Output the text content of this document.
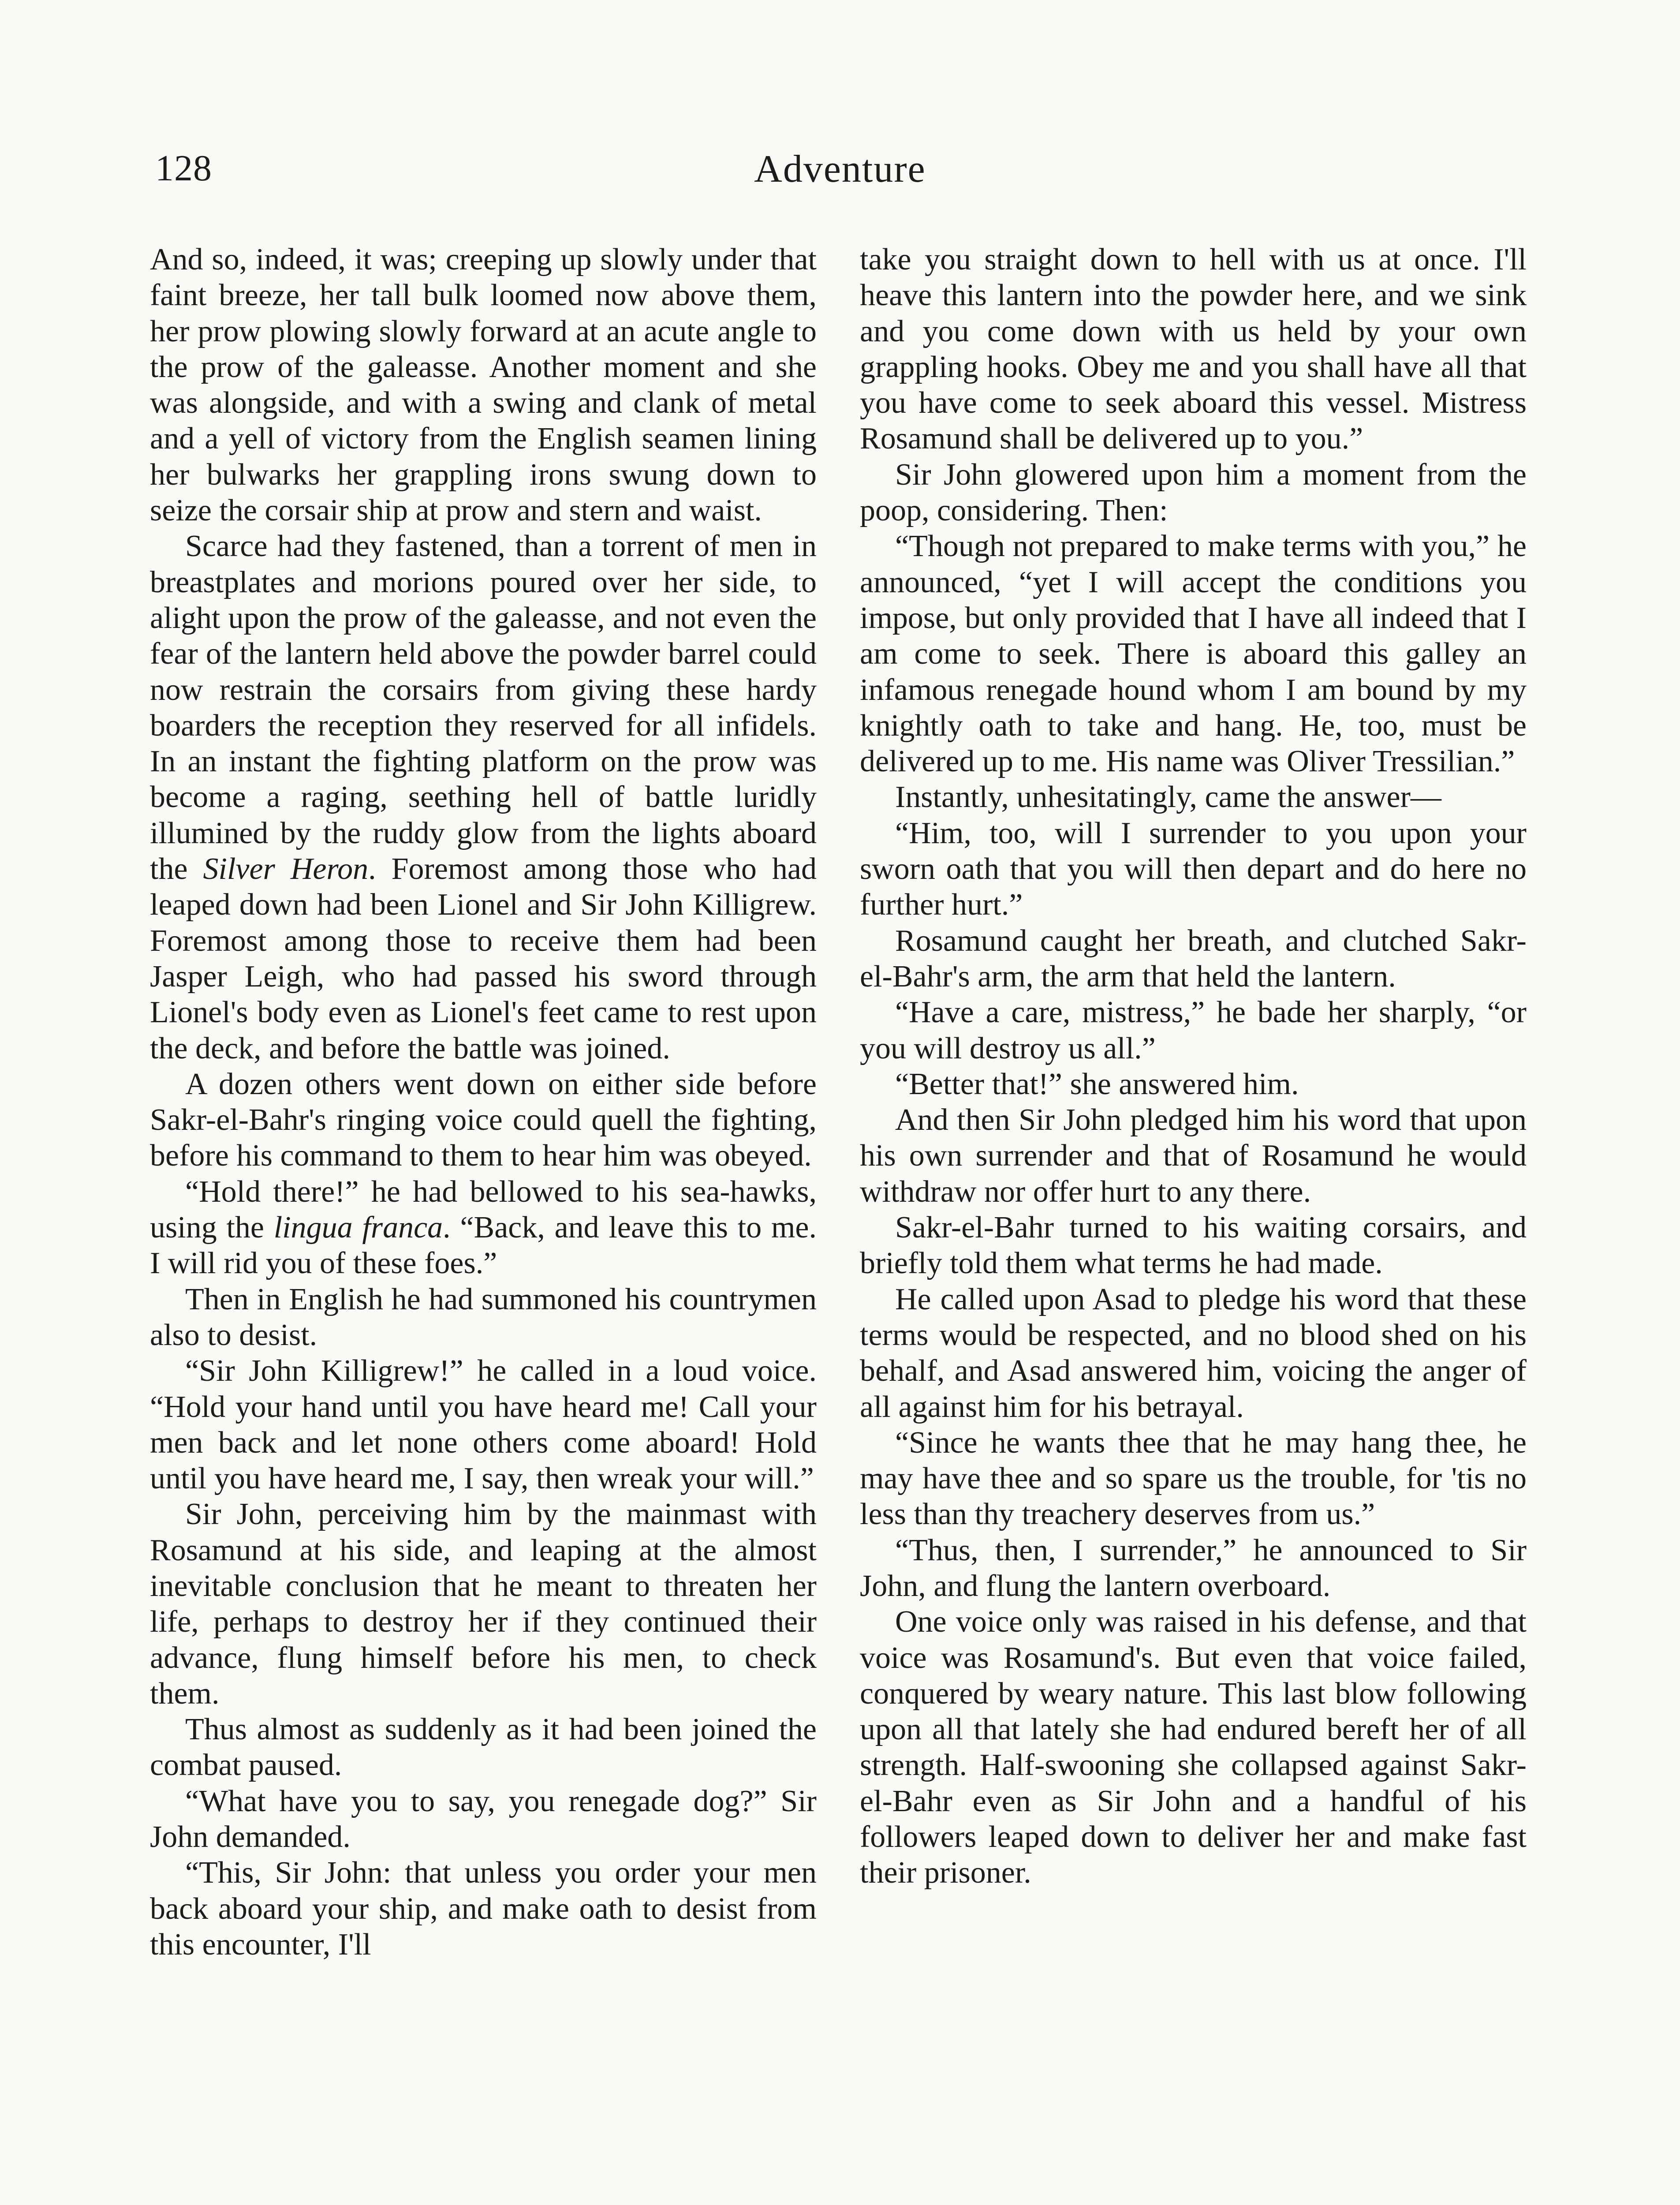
128	Adventure

And so, indeed, it was; creeping up slowly under that faint breeze, her tall bulk loomed now above them, her prow plowing slowly forward at an acute angle to the prow of the galeasse. Another moment and she was alongside, and with a swing and clank of metal and a yell of victory from the English seamen lining her bulwarks her grappling irons swung down to seize the corsair ship at prow and stern and waist.

Scarce had they fastened, than a torrent of men in breastplates and morions poured over her side, to alight upon the prow of the galeasse, and not even the fear of the lantern held above the powder barrel could now restrain the corsairs from giving these hardy boarders the reception they reserved for all infidels. In an instant the fighting platform on the prow was become a raging, seething hell of battle luridly illumined by the ruddy glow from the lights aboard the Silver Heron. Foremost among those who had leaped down had been Lionel and Sir John Killigrew. Foremost among those to receive them had been Jasper Leigh, who had passed his sword through Lionel's body even as Lionel's feet came to rest upon the deck, and before the battle was joined.

A dozen others went down on either side before Sakr-el-Bahr's ringing voice could quell the fighting, before his command to them to hear him was obeyed.

“Hold there!” he had bellowed to his sea-hawks, using the lingua franca. “Back, and leave this to me. I will rid you of these foes.”

Then in English he had summoned his countrymen also to desist.

“Sir John Killigrew!” he called in a loud voice. “Hold your hand until you have heard me! Call your men back and let none others come aboard! Hold until you have heard me, I say, then wreak your will.”

Sir John, perceiving him by the mainmast with Rosamund at his side, and leaping at the almost inevitable conclusion that he meant to threaten her life, perhaps to destroy her if they continued their advance, flung himself before his men, to check them.

Thus almost as suddenly as it had been joined the combat paused.

“What have you to say, you renegade dog?” Sir John demanded.

“This, Sir John: that unless you order your men back aboard your ship, and make oath to desist from this encounter, I'll

take you straight down to hell with us at once. I'll heave this lantern into the powder here, and we sink and you come down with us held by your own grappling hooks. Obey me and you shall have all that you have come to seek aboard this vessel. Mistress Rosamund shall be delivered up to you.”

Sir John glowered upon him a moment from the poop, considering. Then:

“Though not prepared to make terms with you,” he announced, “yet I will accept the conditions you impose, but only provided that I have all indeed that I am come to seek. There is aboard this galley an infamous renegade hound whom I am bound by my knightly oath to take and hang. He, too, must be delivered up to me. His name was Oliver Tressilian.”

Instantly, unhesitatingly, came the answer—

“Him, too, will I surrender to you upon your sworn oath that you will then depart and do here no further hurt.”

Rosamund caught her breath, and clutched Sakr-el-Bahr's arm, the arm that held the lantern.

“Have a care, mistress,” he bade her sharply, “or you will destroy us all.”

“Better that!” she answered him.

And then Sir John pledged him his word that upon his own surrender and that of Rosamund he would withdraw nor offer hurt to any there.

Sakr-el-Bahr turned to his waiting corsairs, and briefly told them what terms he had made.

He called upon Asad to pledge his word that these terms would be respected, and no blood shed on his behalf, and Asad answered him, voicing the anger of all against him for his betrayal.

“Since he wants thee that he may hang thee, he may have thee and so spare us the trouble, for 'tis no less than thy treachery deserves from us.”

“Thus, then, I surrender,” he announced to Sir John, and flung the lantern overboard.

One voice only was raised in his defense, and that voice was Rosamund's. But even that voice failed, conquered by weary nature. This last blow following upon all that lately she had endured bereft her of all strength. Half-swooning she collapsed against Sakr-el-Bahr even as Sir John and a handful of his followers leaped down to deliver her and make fast their prisoner.
